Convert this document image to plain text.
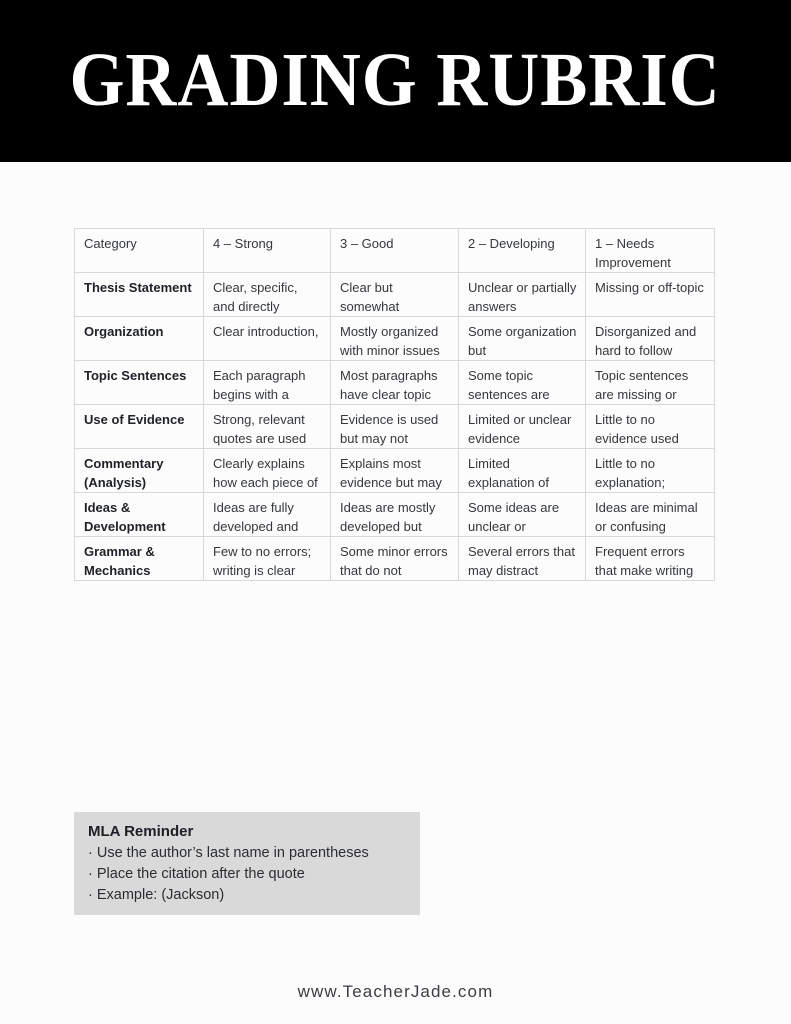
GRADING RUBRIC
Category	4 – Strong	3 – Good	2 – Developing	1 – Needs Improvement

Thesis Statement	Clear, specific, and directly	Clear but somewhat	Unclear or partially answers	Missing or off-topic

Organization	Clear introduction,	Mostly organized with minor issues	Some organization but	Disorganized and hard to follow

Topic Sentences	Each paragraph begins with a	Most paragraphs have clear topic	Some topic sentences are	Topic sentences are missing or

Use of Evidence	Strong, relevant quotes are used	Evidence is used but may not	Limited or unclear evidence	Little to no evidence used

Commentary (Analysis)	Clearly explains how each piece of	Explains most evidence but may	Limited explanation of	Little to no explanation;

Ideas & Development	Ideas are fully developed and	Ideas are mostly developed but	Some ideas are unclear or	Ideas are minimal or confusing

Grammar & Mechanics	Few to no errors; writing is clear	Some minor errors that do not	Several errors that may distract	Frequent errors that make writing
MLA Reminder
· Use the author’s last name in parentheses
· Place the citation after the quote
· Example: (Jackson)
www.TeacherJade.com
